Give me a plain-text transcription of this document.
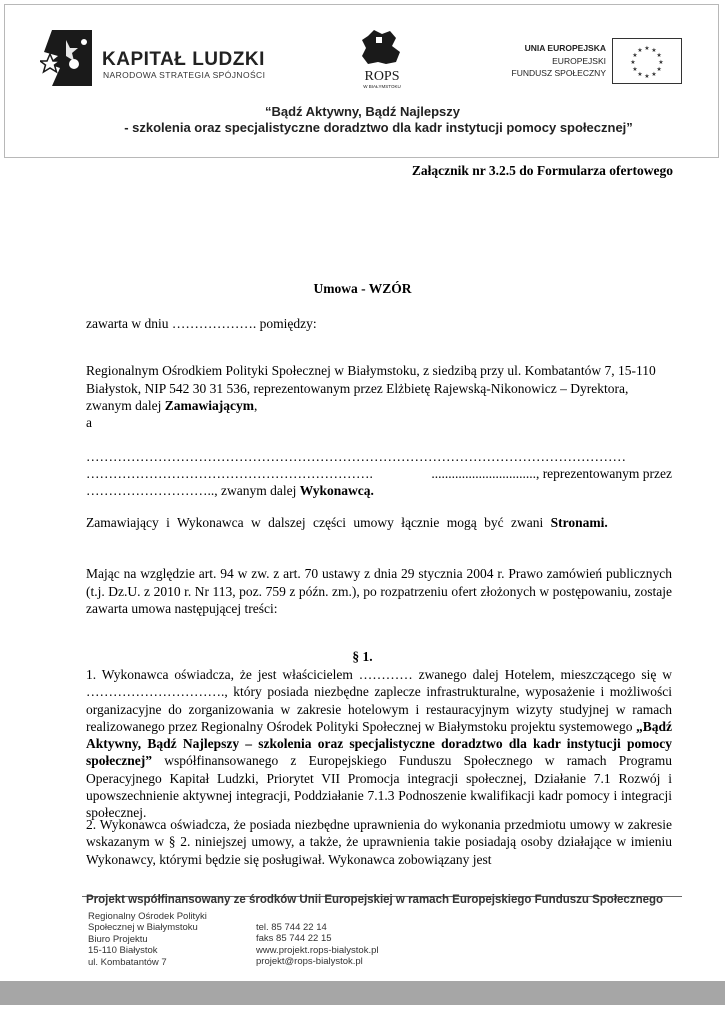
KAPITAŁ LUDZKI
NARODOWA STRATEGIA SPÓJNOŚCI	ROPS
W BIAŁYMSTOKU
UNIA EUROPEJSKA
EUROPEJSKI
FUNDUSZ SPOŁECZNY
★ ★
★
★
★
★
★
★
★
★
★
★
“Bądź Aktywny, Bądź Najlepszy
- szkolenia oraz specjalistyczne doradztwo dla kadr instytucji pomocy społecznej”
Załącznik nr 3.2.5 do Formularza ofertowego
Umowa - WZÓR
zawarta w dniu ………………. pomiędzy:
Regionalnym Ośrodkiem Polityki Społecznej w Białymstoku, z siedzibą przy ul. Kombatantów 7, 15-110 Białystok, NIP 542 30 31 536, reprezentowanym przez Elżbietę Rajewską-Nikonowicz – Dyrektora, zwanym dalej Zamawiającym,
a
…………………………………………………………………………………………………………
……………………………………………………….	..............................., reprezentowanym przez
……………………….., zwanym dalej Wykonawcą.
Zamawiający i Wykonawca w dalszej części umowy łącznie mogą być zwani Stronami.
Mając na względzie art. 94 w zw. z art. 70 ustawy z dnia 29 stycznia 2004 r. Prawo zamówień publicznych (t.j. Dz.U. z 2010 r. Nr 113, poz. 759 z późn. zm.), po rozpatrzeniu ofert złożonych w postępowaniu, zostaje zawarta umowa następującej treści:
§ 1.
1. Wykonawca oświadcza, że jest właścicielem ………… zwanego dalej Hotelem, mieszczącego się w …………………………., który posiada niezbędne zaplecze infrastrukturalne, wyposażenie i możliwości organizacyjne do zorganizowania w zakresie hotelowym i restauracyjnym wizyty studyjnej w ramach realizowanego przez Regionalny Ośrodek Polityki Społecznej w Białymstoku projektu systemowego „Bądź Aktywny, Bądź Najlepszy – szkolenia oraz specjalistyczne doradztwo dla kadr instytucji pomocy społecznej” współfinansowanego z Europejskiego Funduszu Społecznego w ramach Programu Operacyjnego Kapitał Ludzki, Priorytet VII Promocja integracji społecznej, Działanie 7.1 Rozwój i upowszechnienie aktywnej integracji, Poddziałanie 7.1.3 Podnoszenie kwalifikacji kadr pomocy i integracji społecznej.
2. Wykonawca oświadcza, że posiada niezbędne uprawnienia do wykonania przedmiotu umowy w zakresie wskazanym w § 2. niniejszej umowy, a także, że uprawnienia takie posiadają osoby działające w imieniu Wykonawcy, którymi będzie się posługiwał. Wykonawca zobowiązany jest
Projekt współfinansowany ze środków Unii Europejskiej w ramach Europejskiego Funduszu Społecznego
Regionalny Ośrodek Polityki
Społecznej w Białymstoku
Biuro Projektu
15-110 Białystok
ul. Kombatantów 7
tel. 85 744 22 14
faks 85 744 22 15
www.projekt.rops-bialystok.pl
projekt@rops-bialystok.pl
